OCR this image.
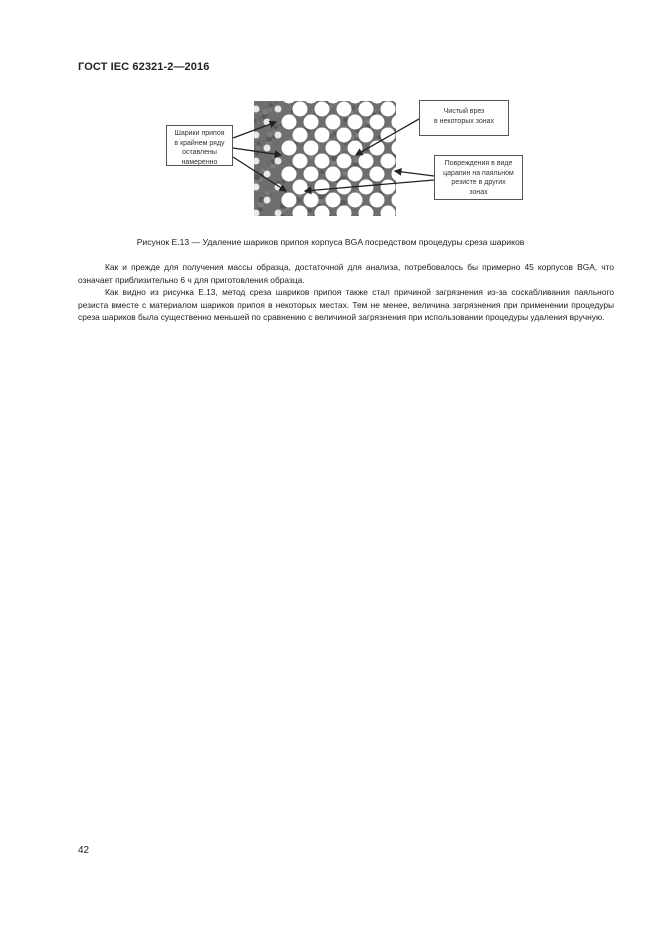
ГОСТ IEC 62321-2—2016
Шарики припоя
в крайнем ряду
оставлены
намеренно
Чистый врез
в некоторых зонах
Повреждения в виде
царапин на паяльном
резисте в других
зонах
Рисунок Е.13 — Удаление шариков припоя корпуса BGA посредством процедуры среза шариков

Как и прежде для получения массы образца, достаточной для анализа, потребовалось бы примерно 45 корпусов BGA, что означает приблизительно 6 ч для приготовления образца.

Как видно из рисунка Е.13, метод среза шариков припоя также стал причиной загрязнения из-за соскабливания паяльного резиста вместе с материалом шариков припоя в некоторых местах. Тем не менее, величина загрязнения при применении процедуры среза шариков была существенно меньшей по сравнению с величиной загрязнения при использовании процедуры удаления вручную.

42
